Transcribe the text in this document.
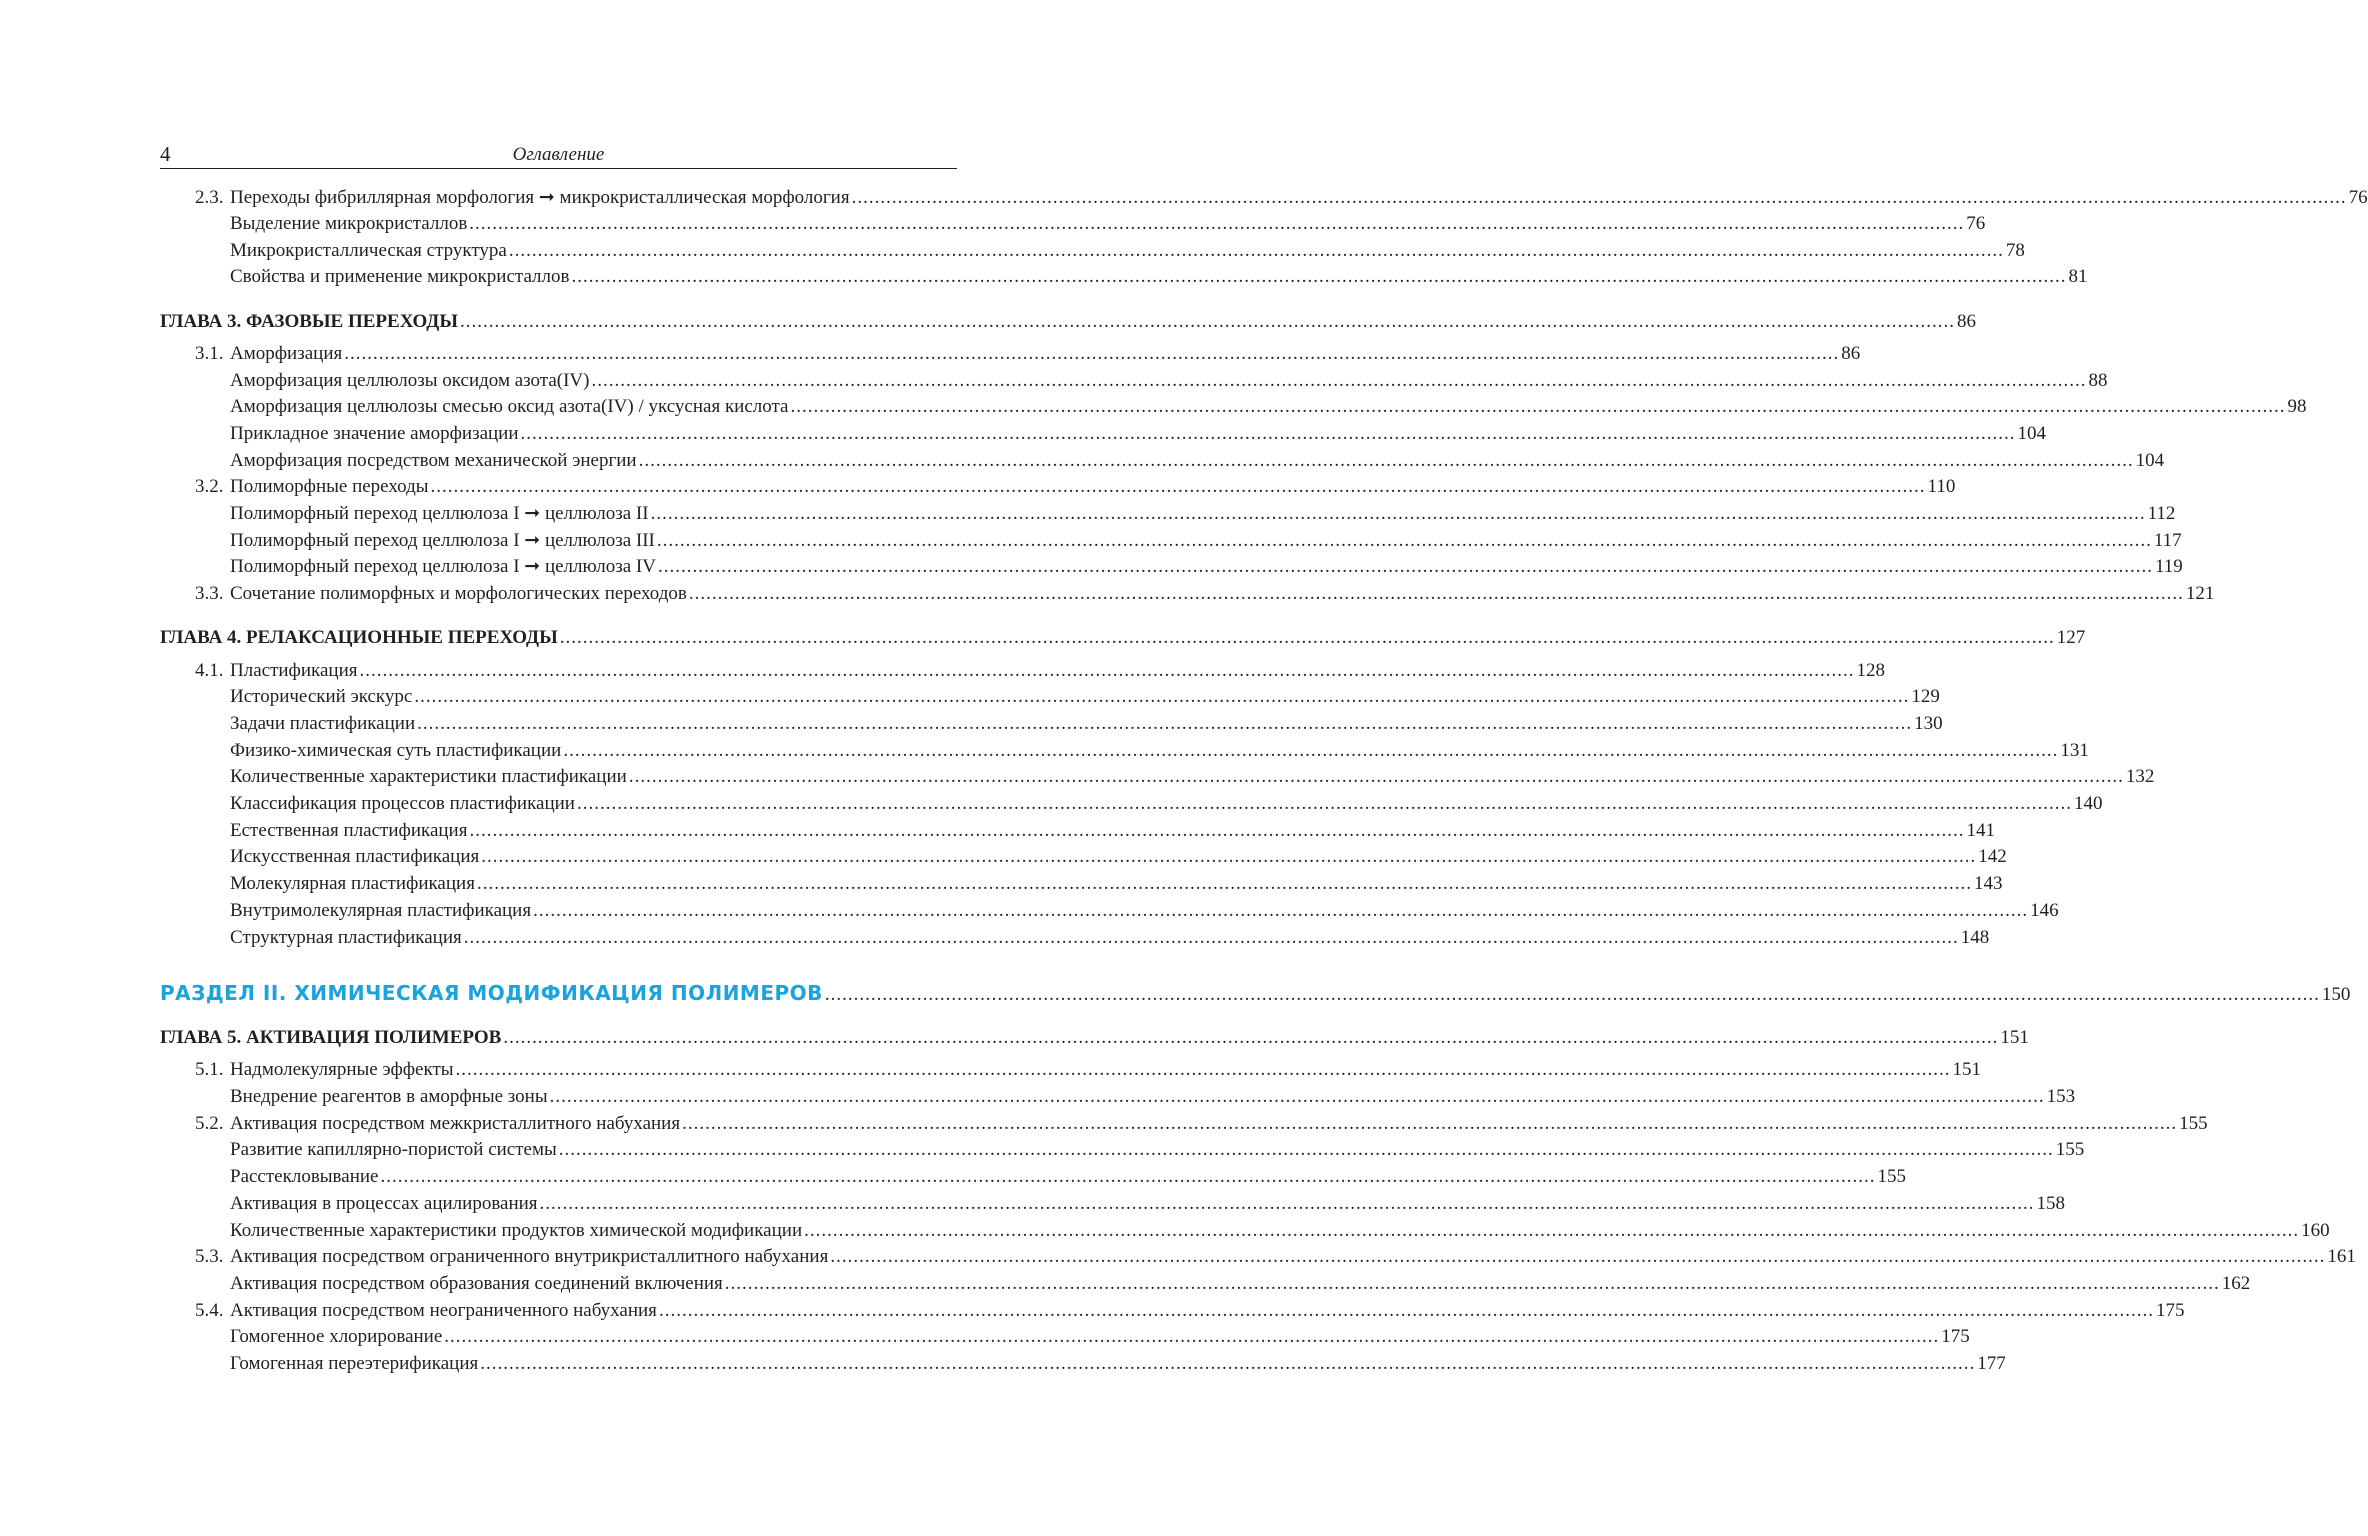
4	Оглавление
2.3. Переходы фибриллярная морфология ➞ микрокристаллическая морфология .....	76
Выделение микрокристаллов .....	76
Микрокристаллическая структура .....	78
Свойства и применение микрокристаллов .....	81
ГЛАВА 3. ФАЗОВЫЕ ПЕРЕХОДЫ .....	86
3.1. Аморфизация .....	86
Аморфизация целлюлозы оксидом азота(IV) .....	88
Аморфизация целлюлозы смесью оксид азота(IV) / уксусная кислота .....	98
Прикладное значение аморфизации .....	104
Аморфизация посредством механической энергии .....	104
3.2. Полиморфные переходы .....	110
Полиморфный переход целлюлоза I ➞ целлюлоза II .....	112
Полиморфный переход целлюлоза I ➞ целлюлоза III .....	117
Полиморфный переход целлюлоза I ➞ целлюлоза IV .....	119
3.3. Сочетание полиморфных и морфологических переходов .....	121
ГЛАВА 4. РЕЛАКСАЦИОННЫЕ ПЕРЕХОДЫ .....	127
4.1. Пластификация .....	128
Исторический экскурс .....	129
Задачи пластификации .....	130
Физико-химическая суть пластификации .....	131
Количественные характеристики пластификации .....	132
Классификация процессов пластификации .....	140
Естественная пластификация .....	141
Искусственная пластификация .....	142
Молекулярная пластификация .....	143
Внутримолекулярная пластификация .....	146
Структурная пластификация .....	148
РАЗДЕЛ II. ХИМИЧЕСКАЯ МОДИФИКАЦИЯ ПОЛИМЕРОВ .....	150
ГЛАВА 5. АКТИВАЦИЯ ПОЛИМЕРОВ .....	151
5.1. Надмолекулярные эффекты .....	151
Внедрение реагентов в аморфные зоны .....	153
5.2. Активация посредством межкристаллитного набухания .....	155
Развитие капиллярно-пористой системы .....	155
Расстекловывание .....	155
Активация в процессах ацилирования .....	158
Количественные характеристики продуктов химической модификации .....	160
5.3. Активация посредством ограниченного внутрикристаллитного набухания .....	161
Активация посредством образования соединений включения .....	162
5.4. Активация посредством неограниченного набухания .....	175
Гомогенное хлорирование .....	175
Гомогенная переэтерификация .....	177
